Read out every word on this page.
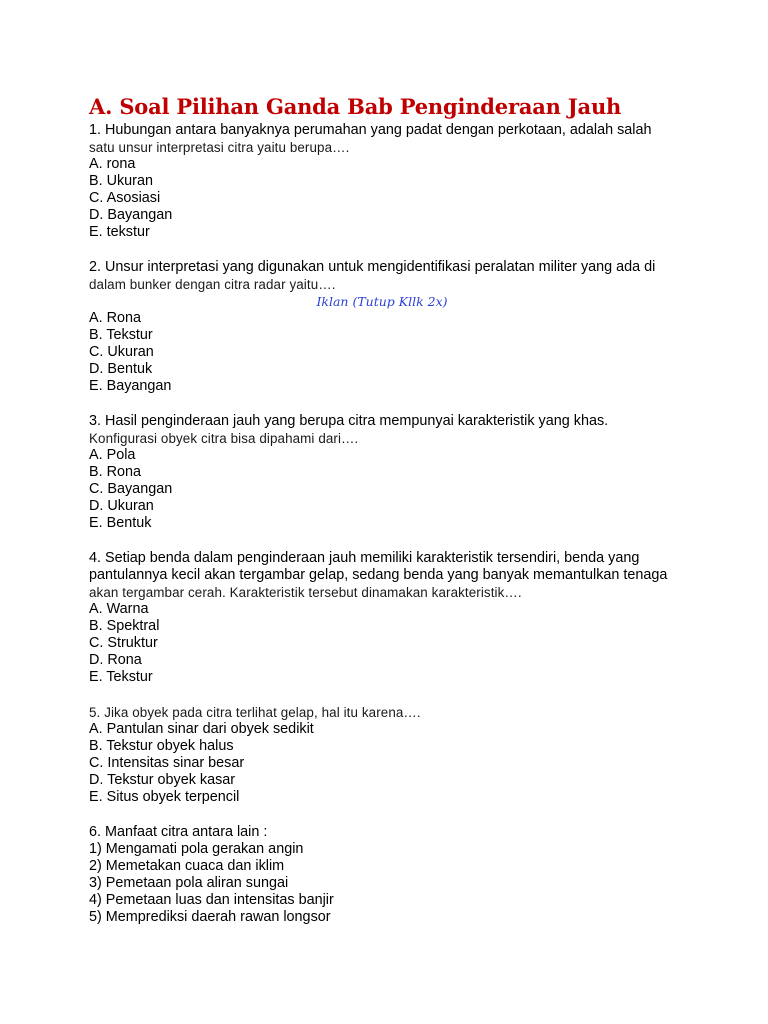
A. Soal Pilihan Ganda Bab Penginderaan Jauh
1. Hubungan antara banyaknya perumahan yang padat dengan perkotaan, adalah salah
satu unsur interpretasi citra yaitu berupa….
A. rona
B. Ukuran
C. Asosiasi
D. Bayangan
E. tekstur
2. Unsur interpretasi yang digunakan untuk mengidentifikasi peralatan militer yang ada di
dalam bunker dengan citra radar yaitu….
Iklan (Tutup Kllk 2x)
A. Rona
B. Tekstur
C. Ukuran
D. Bentuk
E. Bayangan
3. Hasil penginderaan jauh yang berupa citra mempunyai karakteristik yang khas.
Konfigurasi obyek citra bisa dipahami dari….
A. Pola
B. Rona
C. Bayangan
D. Ukuran
E. Bentuk
4. Setiap benda dalam penginderaan jauh memiliki karakteristik tersendiri, benda yang
pantulannya kecil akan tergambar gelap, sedang benda yang banyak memantulkan tenaga
akan tergambar cerah. Karakteristik tersebut dinamakan karakteristik….
A. Warna
B. Spektral
C. Struktur
D. Rona
E. Tekstur
5. Jika obyek pada citra terlihat gelap, hal itu karena….
A. Pantulan sinar dari obyek sedikit
B. Tekstur obyek halus
C. Intensitas sinar besar
D. Tekstur obyek kasar
E. Situs obyek terpencil
6. Manfaat citra antara lain :
1) Mengamati pola gerakan angin
2) Memetakan cuaca dan iklim
3) Pemetaan pola aliran sungai
4) Pemetaan luas dan intensitas banjir
5) Memprediksi daerah rawan longsor
